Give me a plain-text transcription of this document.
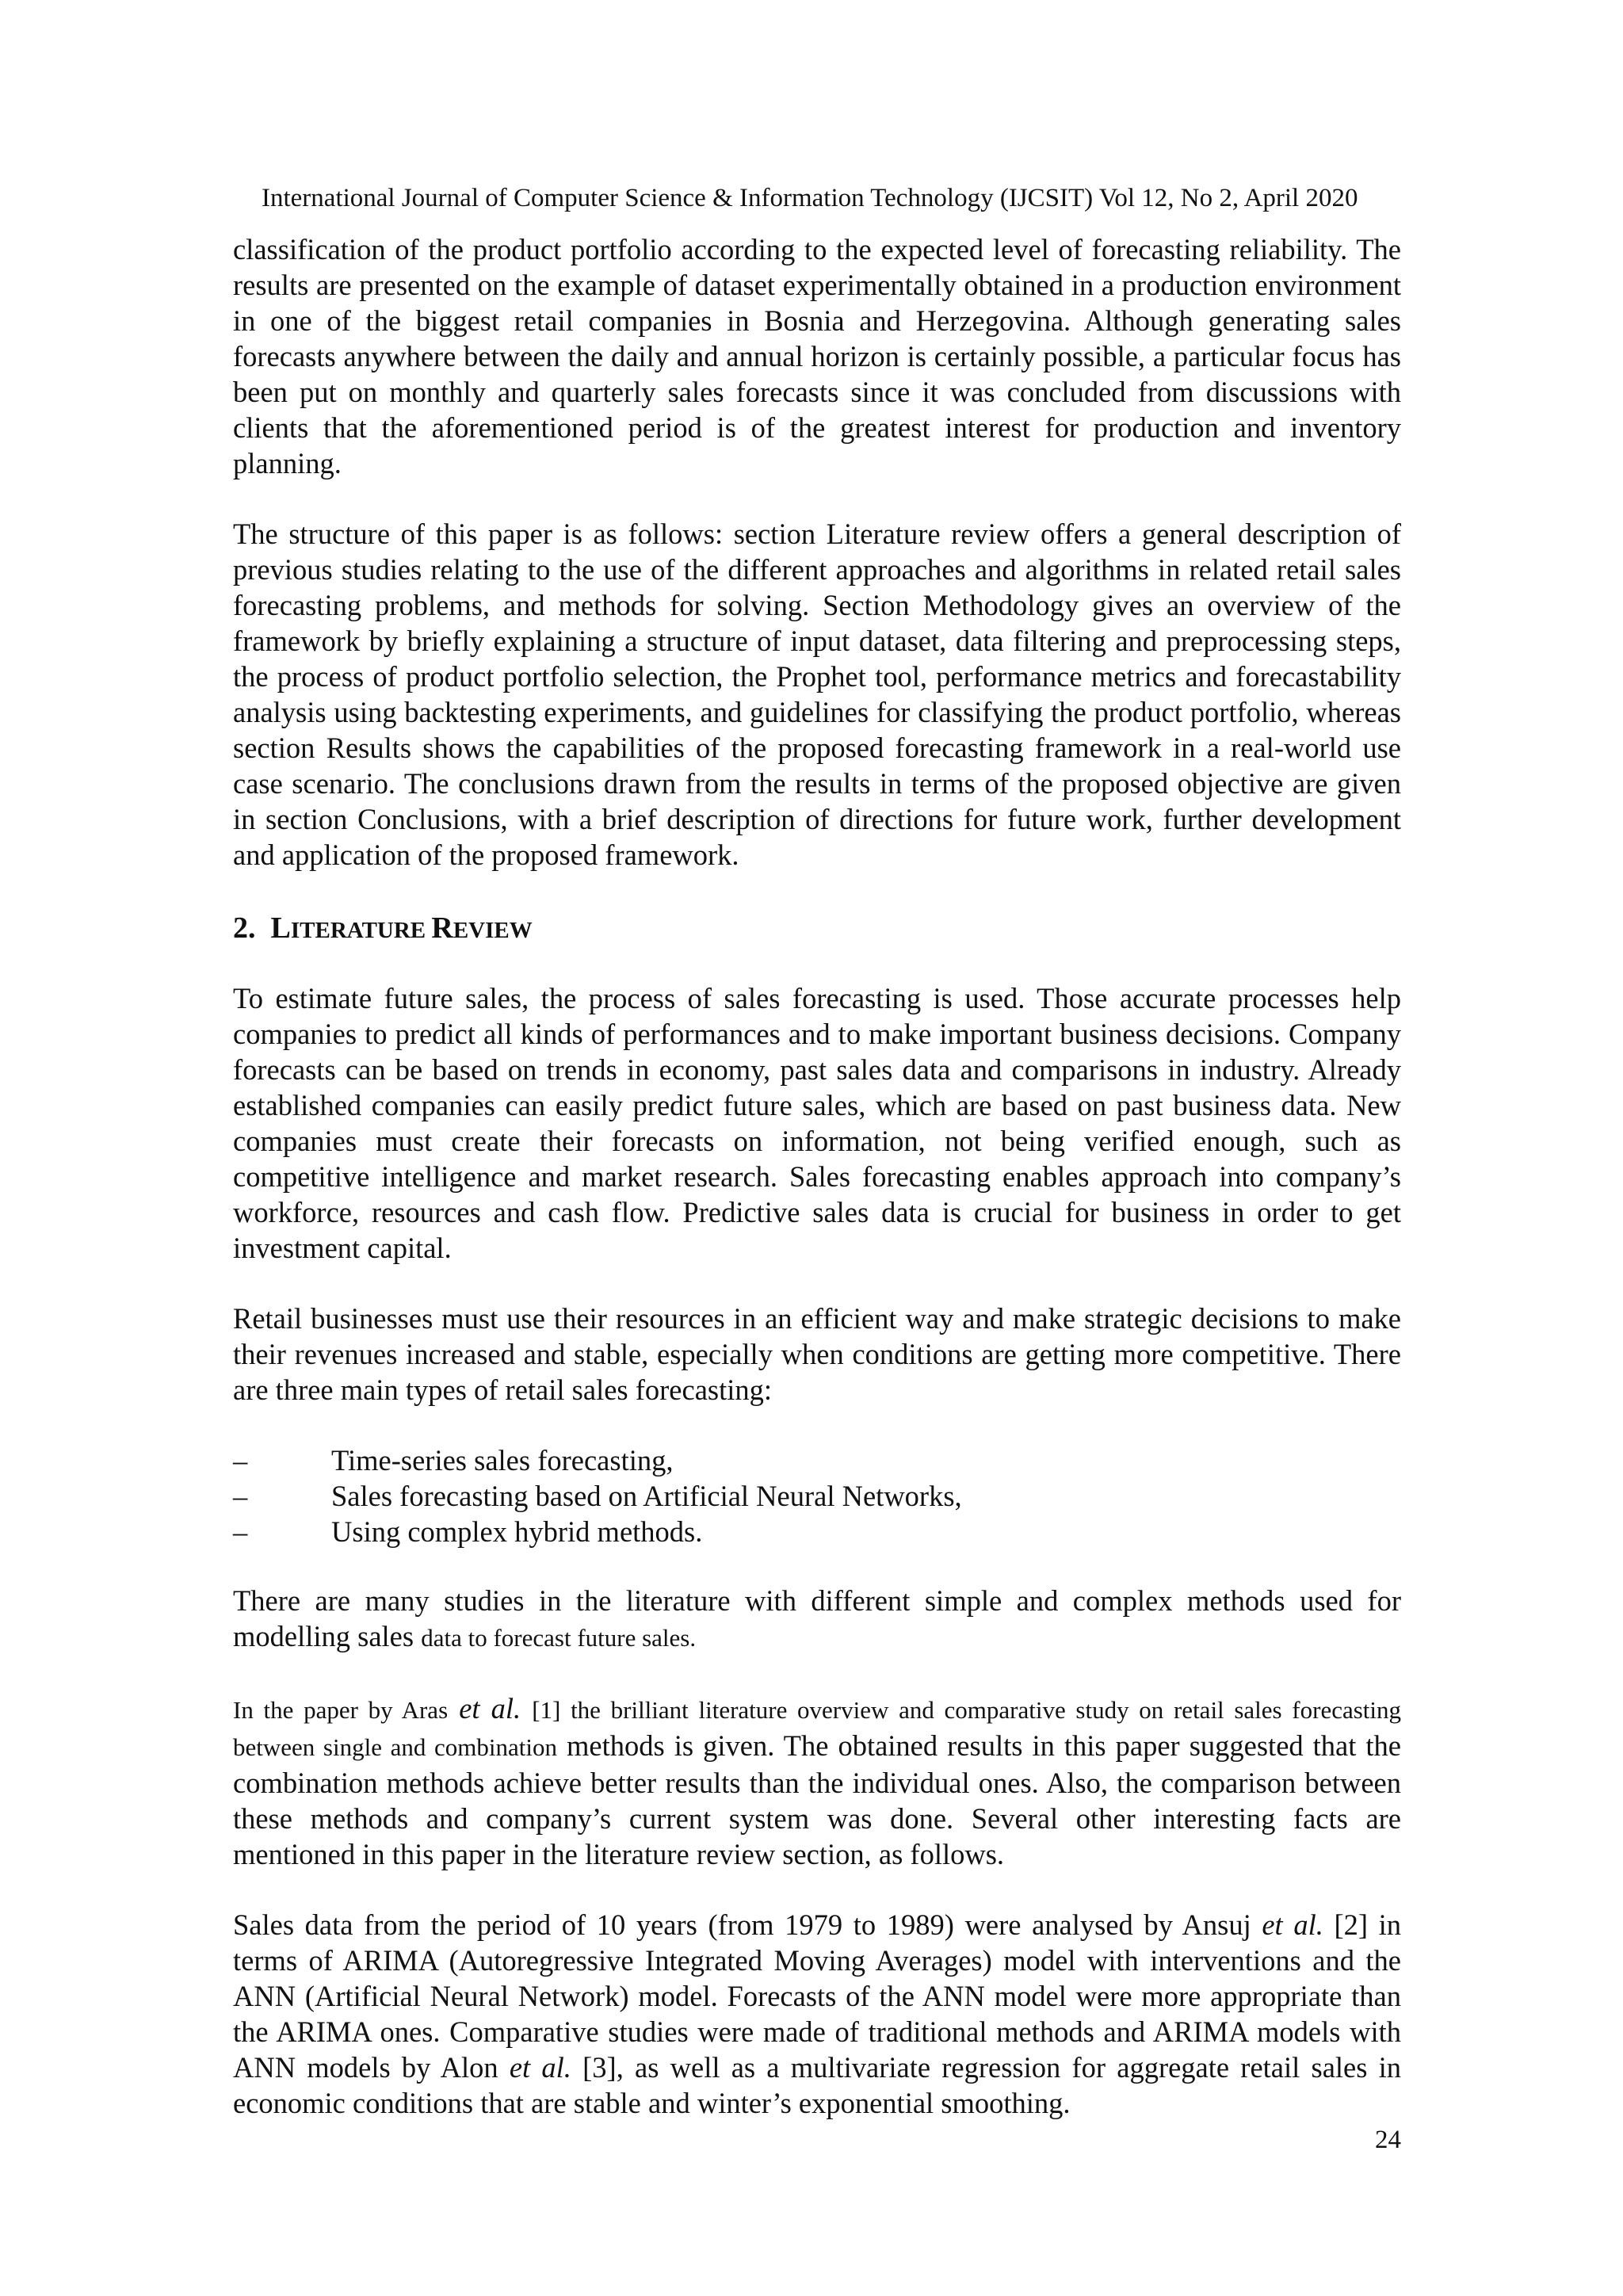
International Journal of Computer Science & Information Technology (IJCSIT) Vol 12, No 2, April 2020

classification of the product portfolio according to the expected level of forecasting reliability. The results are presented on the example of dataset experimentally obtained in a production environment in one of the biggest retail companies in Bosnia and Herzegovina. Although generating sales forecasts anywhere between the daily and annual horizon is certainly possible, a particular focus has been put on monthly and quarterly sales forecasts since it was concluded from discussions with clients that the aforementioned period is of the greatest interest for production and inventory planning.

The structure of this paper is as follows: section Literature review offers a general description of previous studies relating to the use of the different approaches and algorithms in related retail sales forecasting problems, and methods for solving. Section Methodology gives an overview of the framework by briefly explaining a structure of input dataset, data filtering and preprocessing steps, the process of product portfolio selection, the Prophet tool, performance metrics and forecastability analysis using backtesting experiments, and guidelines for classifying the product portfolio, whereas section Results shows the capabilities of the proposed forecasting framework in a real-world use case scenario. The conclusions drawn from the results in terms of the proposed objective are given in section Conclusions, with a brief description of directions for future work, further development and application of the proposed framework.

2. LITERATURE REVIEW

To estimate future sales, the process of sales forecasting is used. Those accurate processes help companies to predict all kinds of performances and to make important business decisions. Company forecasts can be based on trends in economy, past sales data and comparisons in industry. Already established companies can easily predict future sales, which are based on past business data. New companies must create their forecasts on information, not being verified enough, such as competitive intelligence and market research. Sales forecasting enables approach into company’s workforce, resources and cash flow. Predictive sales data is crucial for business in order to get investment capital.

Retail businesses must use their resources in an efficient way and make strategic decisions to make their revenues increased and stable, especially when conditions are getting more competitive. There are three main types of retail sales forecasting:

–	Time-series sales forecasting,
–	Sales forecasting based on Artificial Neural Networks,
–	Using complex hybrid methods.

There are many studies in the literature with different simple and complex methods used for modelling sales data to forecast future sales.

In the paper by Aras et al. [1] the brilliant literature overview and comparative study on retail sales forecasting between single and combination methods is given. The obtained results in this paper suggested that the combination methods achieve better results than the individual ones. Also, the comparison between these methods and company’s current system was done. Several other interesting facts are mentioned in this paper in the literature review section, as follows.

Sales data from the period of 10 years (from 1979 to 1989) were analysed by Ansuj et al. [2] in terms of ARIMA (Autoregressive Integrated Moving Averages) model with interventions and the ANN (Artificial Neural Network) model. Forecasts of the ANN model were more appropriate than the ARIMA ones. Comparative studies were made of traditional methods and ARIMA models with ANN models by Alon et al. [3], as well as a multivariate regression for aggregate retail sales in economic conditions that are stable and winter’s exponential smoothing.

24
